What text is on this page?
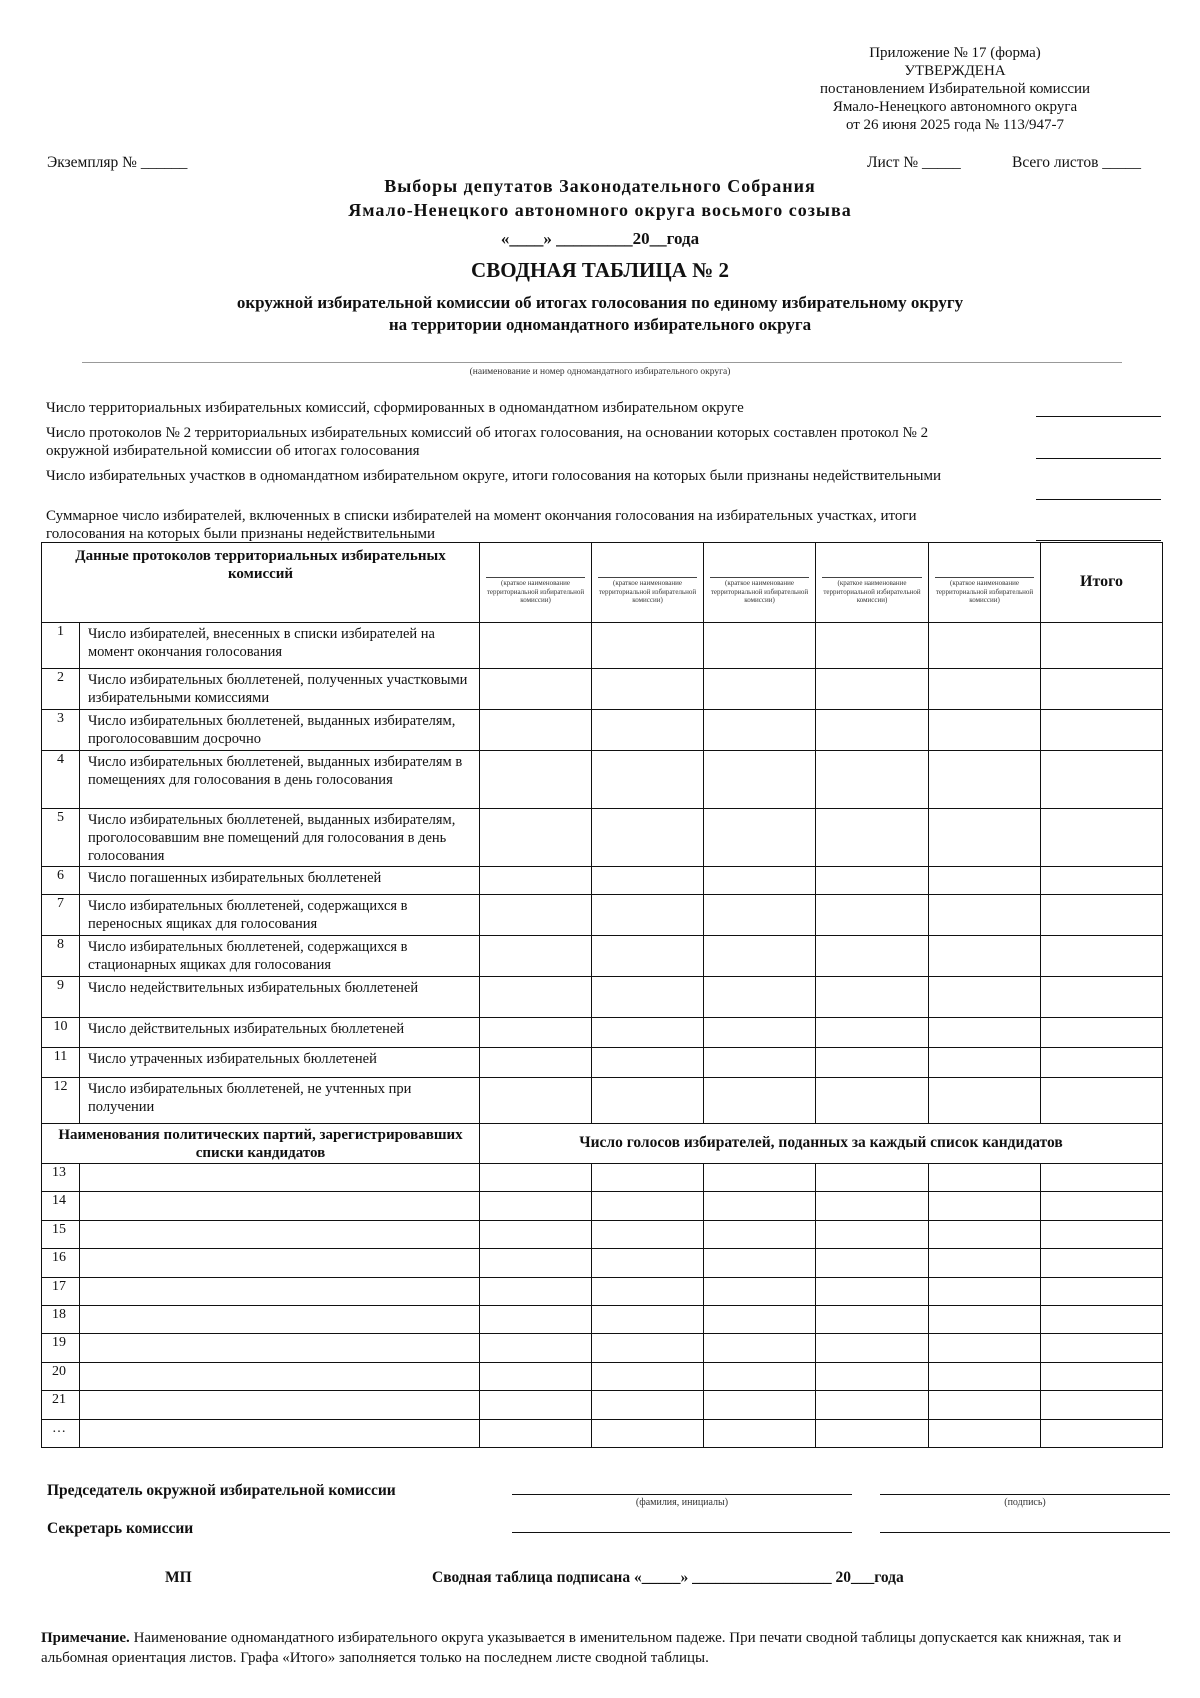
Приложение № 17 (форма)
УТВЕРЖДЕНА
постановлением Избирательной комиссии
Ямало-Ненецкого автономного округа
от 26 июня 2025 года № 113/947-7
Экземпляр № ______	Лист № _____	Всего листов _____
Выборы депутатов Законодательного Собрания
Ямало-Ненецкого автономного округа восьмого созыва
«____» _________20__года
СВОДНАЯ ТАБЛИЦА № 2
окружной избирательной комиссии об итогах голосования по единому избирательному округу
на территории одномандатного избирательного округа
(наименование и номер одномандатного избирательного округа)
Число территориальных избирательных комиссий, сформированных в одномандатном избирательном округе
Число протоколов № 2 территориальных избирательных комиссий об итогах голосования, на основании которых составлен протокол № 2 окружной избирательной комиссии об итогах голосования
Число избирательных участков в одномандатном избирательном округе, итоги голосования на которых были признаны недействительными
Суммарное число избирателей, включенных в списки избирателей на момент окончания голосования на избирательных участках, итоги голосования на которых были признаны недействительными
Данные протоколов территориальных избирательных комиссий		(краткое наименование территориальной избирательной комиссии)	(краткое наименование территориальной избирательной комиссии)	(краткое наименование территориальной избирательной комиссии)	(краткое наименование территориальной избирательной комиссии)	(краткое наименование территориальной избирательной комиссии)	Итого
1	Число избирателей, внесенных в списки избирателей на момент окончания голосования						
2	Число избирательных бюллетеней, полученных участковыми избирательными комиссиями						
3	Число избирательных бюллетеней, выданных избирателям, проголосовавшим досрочно						
4	Число избирательных бюллетеней, выданных избирателям в помещениях для голосования в день голосования						
5	Число избирательных бюллетеней, выданных избирателям, проголосовавшим вне помещений для голосования в день голосования						
6	Число погашенных избирательных бюллетеней						
7	Число избирательных бюллетеней, содержащихся в переносных ящиках для голосования						
8	Число избирательных бюллетеней, содержащихся в стационарных ящиках для голосования						
9	Число недействительных избирательных бюллетеней						
10	Число действительных избирательных бюллетеней						
11	Число утраченных избирательных бюллетеней						
12	Число избирательных бюллетеней, не учтенных при получении						
Наименования политических партий, зарегистрировавших списки кандидатов		Число голосов избирателей, поданных за каждый список кандидатов					
13							
14							
15							
16							
17							
18							
19							
20							
21							
…							
Председатель окружной избирательной комиссии
(фамилия, инициалы)	(подпись)
Секретарь комиссии
МП	Сводная таблица подписана «_____» __________________ 20___года
Примечание. Наименование одномандатного избирательного округа указывается в именительном падеже. При печати сводной таблицы допускается как книжная, так и альбомная ориентация листов. Графа «Итого» заполняется только на последнем листе сводной таблицы.
